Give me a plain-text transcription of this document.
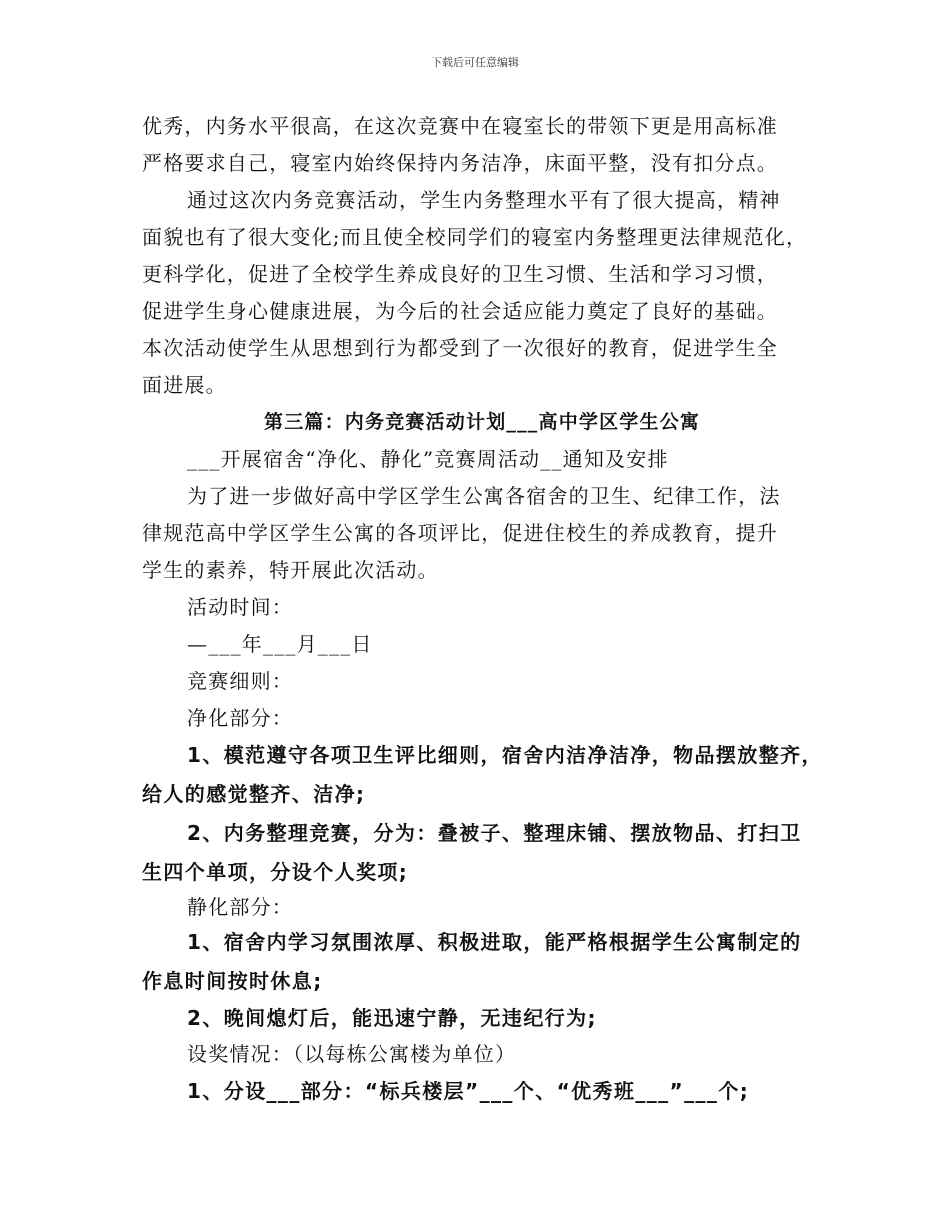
下载后可任意编辑
优秀，内务水平很高，在这次竞赛中在寝室长的带领下更是用高标准
严格要求自己，寝室内始终保持内务洁净，床面平整，没有扣分点。
通过这次内务竞赛活动，学生内务整理水平有了很大提高，精神
面貌也有了很大变化;而且使全校同学们的寝室内务整理更法律规范化，
更科学化，促进了全校学生养成良好的卫生习惯、生活和学习习惯，
促进学生身心健康进展，为今后的社会适应能力奠定了良好的基础。
本次活动使学生从思想到行为都受到了一次很好的教育，促进学生全
面进展。
第三篇：内务竞赛活动计划___高中学区学生公寓
___开展宿舍“净化、静化”竞赛周活动__通知及安排
为了进一步做好高中学区学生公寓各宿舍的卫生、纪律工作，法
律规范高中学区学生公寓的各项评比，促进住校生的养成教育，提升
学生的素养，特开展此次活动。
活动时间：
—___年___月___日
竞赛细则：
净化部分：
1、模范遵守各项卫生评比细则，宿舍内洁净洁净，物品摆放整齐，
给人的感觉整齐、洁净;
2、内务整理竞赛，分为：叠被子、整理床铺、摆放物品、打扫卫
生四个单项，分设个人奖项;
静化部分：
1、宿舍内学习氛围浓厚、积极进取，能严格根据学生公寓制定的
作息时间按时休息;
2、晚间熄灯后，能迅速宁静，无违纪行为;
设奖情况：（以每栋公寓楼为单位）
1、分设___部分：“标兵楼层”___个、“优秀班___”___个;
